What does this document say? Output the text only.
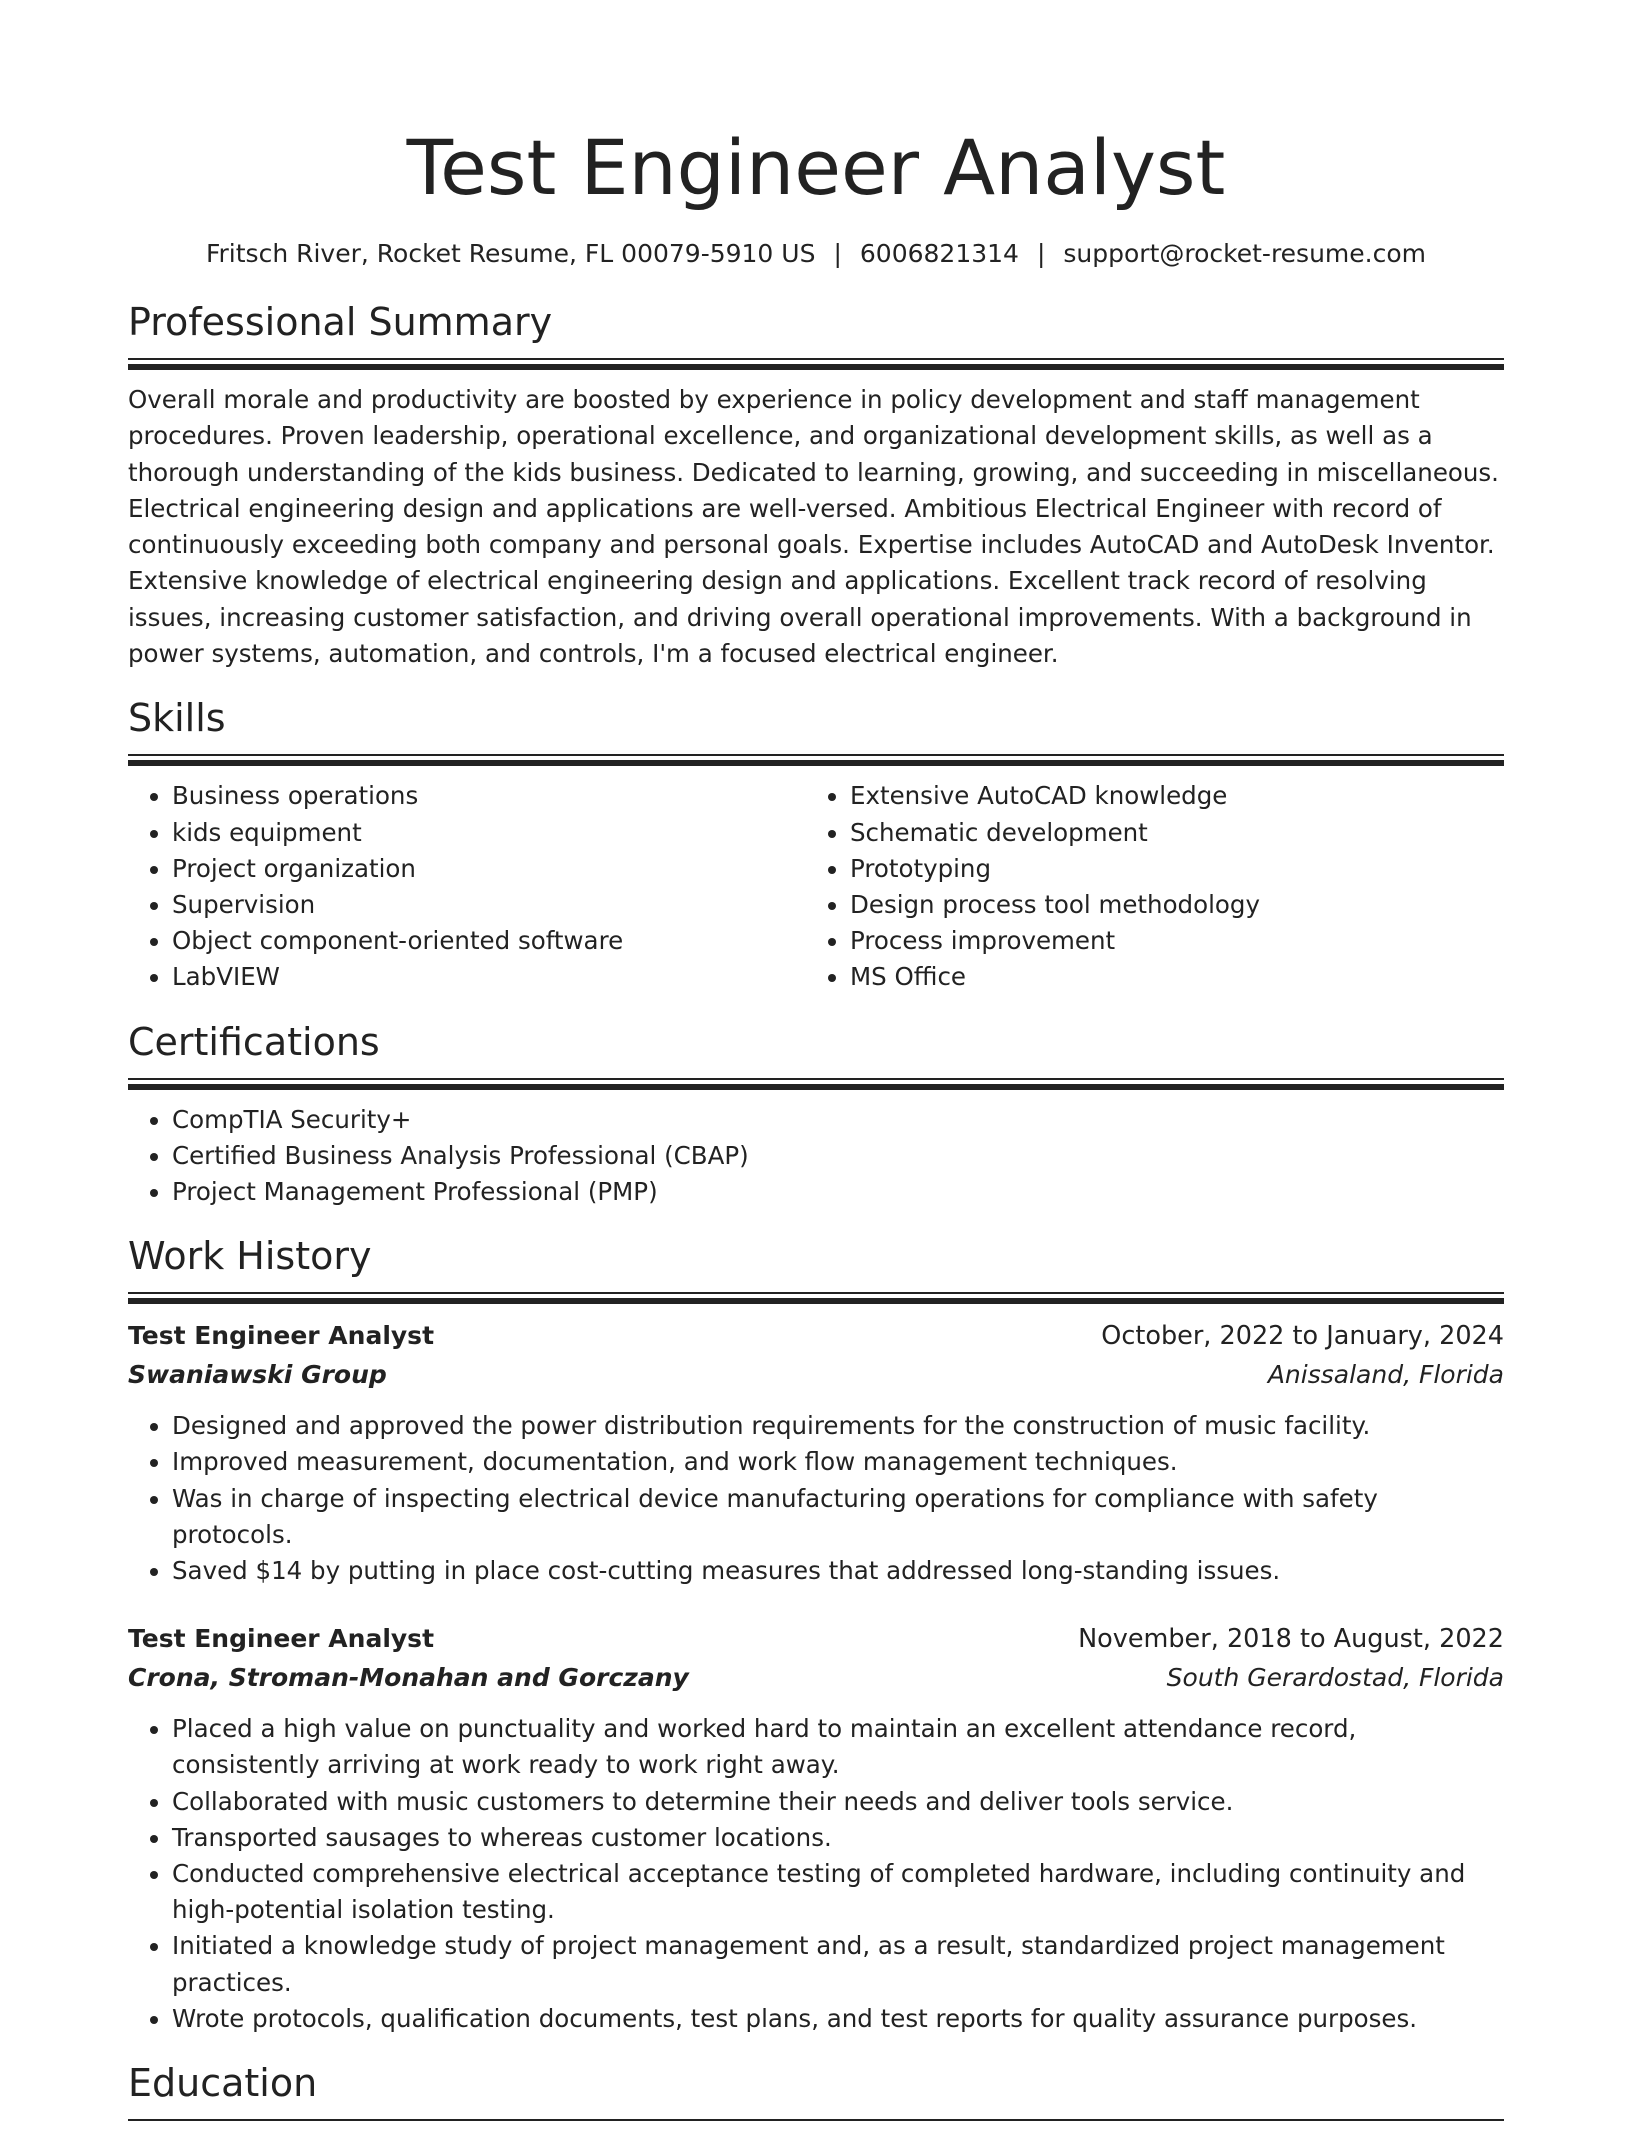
Test Engineer Analyst
Fritsch River, Rocket Resume, FL 00079-5910 US | 6006821314 | support@rocket-resume.com
Professional Summary
Overall morale and productivity are boosted by experience in policy development and staff management procedures. Proven leadership, operational excellence, and organizational development skills, as well as a thorough understanding of the kids business. Dedicated to learning, growing, and succeeding in miscellaneous. Electrical engineering design and applications are well-versed. Ambitious Electrical Engineer with record of continuously exceeding both company and personal goals. Expertise includes AutoCAD and AutoDesk Inventor. Extensive knowledge of electrical engineering design and applications. Excellent track record of resolving issues, increasing customer satisfaction, and driving overall operational improvements. With a background in power systems, automation, and controls, I'm a focused electrical engineer.
Skills
• Business operations
• kids equipment
• Project organization
• Supervision
• Object component-oriented software
• LabVIEW
• Extensive AutoCAD knowledge
• Schematic development
• Prototyping
• Design process tool methodology
• Process improvement
• MS Office
Certifications
• CompTIA Security+
• Certified Business Analysis Professional (CBAP)
• Project Management Professional (PMP)
Work History
Test Engineer Analyst	October, 2022 to January, 2024
Swaniawski Group	Anissaland, Florida
• Designed and approved the power distribution requirements for the construction of music facility.
• Improved measurement, documentation, and work flow management techniques.
• Was in charge of inspecting electrical device manufacturing operations for compliance with safety protocols.
• Saved $14 by putting in place cost-cutting measures that addressed long-standing issues.
Test Engineer Analyst	November, 2018 to August, 2022
Crona, Stroman-Monahan and Gorczany	South Gerardostad, Florida
• Placed a high value on punctuality and worked hard to maintain an excellent attendance record, consistently arriving at work ready to work right away.
• Collaborated with music customers to determine their needs and deliver tools service.
• Transported sausages to whereas customer locations.
• Conducted comprehensive electrical acceptance testing of completed hardware, including continuity and high-potential isolation testing.
• Initiated a knowledge study of project management and, as a result, standardized project management practices.
• Wrote protocols, qualification documents, test plans, and test reports for quality assurance purposes.
Education
